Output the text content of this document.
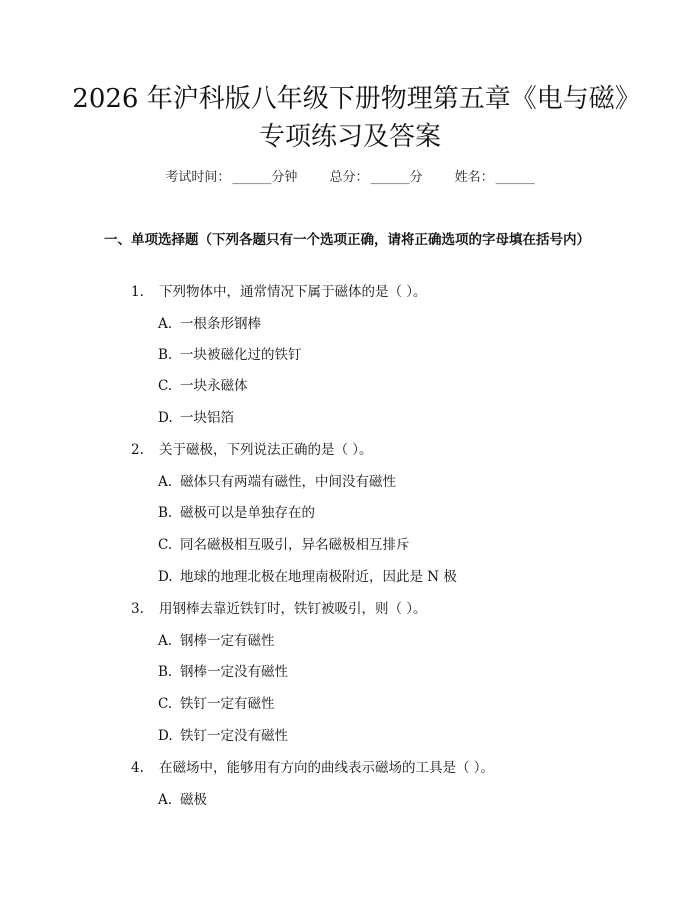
2026 年沪科版八年级下册物理第五章《电与磁》专项练习及答案
考试时间： ______分钟 总分： ______分 姓名： ______
一、单项选择题（下列各题只有一个选项正确，请将正确选项的字母填在括号内）
1. 下列物体中，通常情况下属于磁体的是（ ）。
A. 一根条形钢棒
B. 一块被磁化过的铁钉
C. 一块永磁体
D. 一块铝箔
2. 关于磁极，下列说法正确的是（ ）。
A. 磁体只有两端有磁性，中间没有磁性
B. 磁极可以是单独存在的
C. 同名磁极相互吸引，异名磁极相互排斥
D. 地球的地理北极在地理南极附近，因此是 N 极
3. 用钢棒去靠近铁钉时，铁钉被吸引，则（ ）。
A. 钢棒一定有磁性
B. 钢棒一定没有磁性
C. 铁钉一定有磁性
D. 铁钉一定没有磁性
4. 在磁场中，能够用有方向的曲线表示磁场的工具是（ ）。
A. 磁极
